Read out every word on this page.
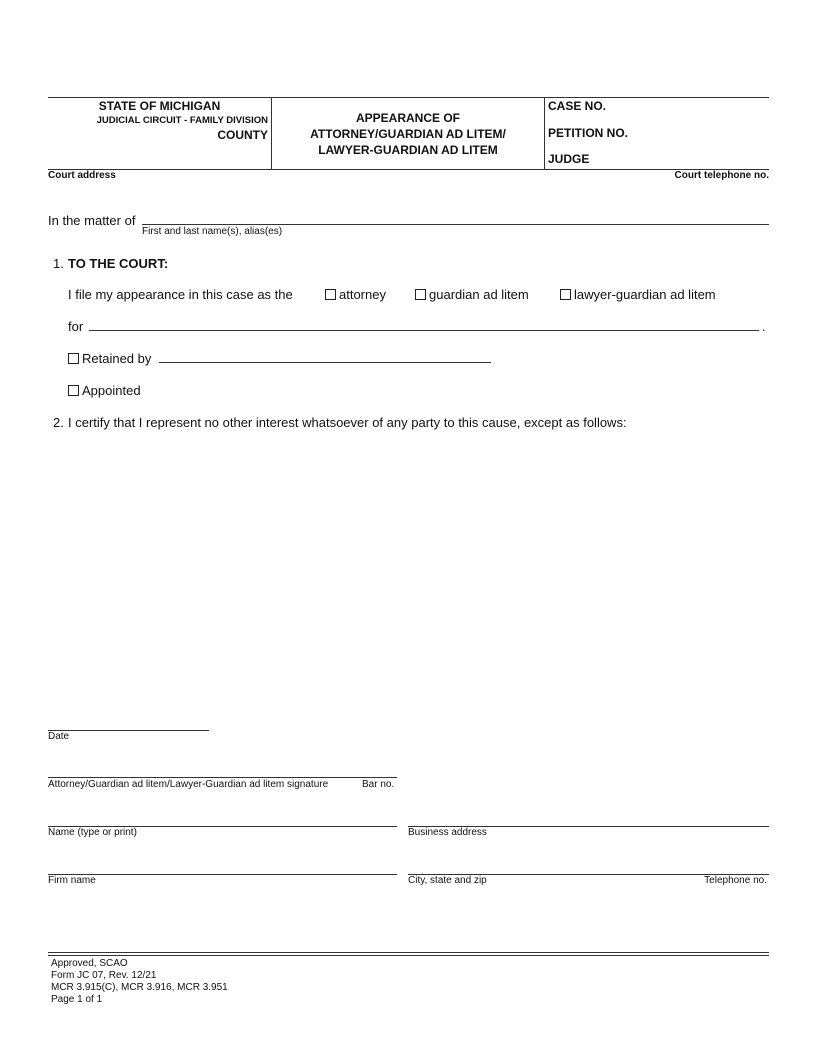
STATE OF MICHIGAN
JUDICIAL CIRCUIT - FAMILY DIVISION
COUNTY
APPEARANCE OF
ATTORNEY/GUARDIAN AD LITEM/
LAWYER-GUARDIAN AD LITEM
CASE NO.
PETITION NO.
JUDGE
Court address	Court telephone no.
In the matter of
First and last name(s), alias(es)
1. TO THE COURT:
I file my appearance in this case as the	attorney	guardian ad litem	lawyer-guardian ad litem
for	.
Retained by
Appointed
2. I certify that I represent no other interest whatsoever of any party to this cause, except as follows:
Date
Attorney/Guardian ad litem/Lawyer-Guardian ad litem signature	Bar no.
Name (type or print)	Business address
Firm name	City, state and zip	Telephone no.
Approved, SCAO
Form JC 07, Rev. 12/21
MCR 3.915(C), MCR 3.916, MCR 3.951
Page 1 of 1
